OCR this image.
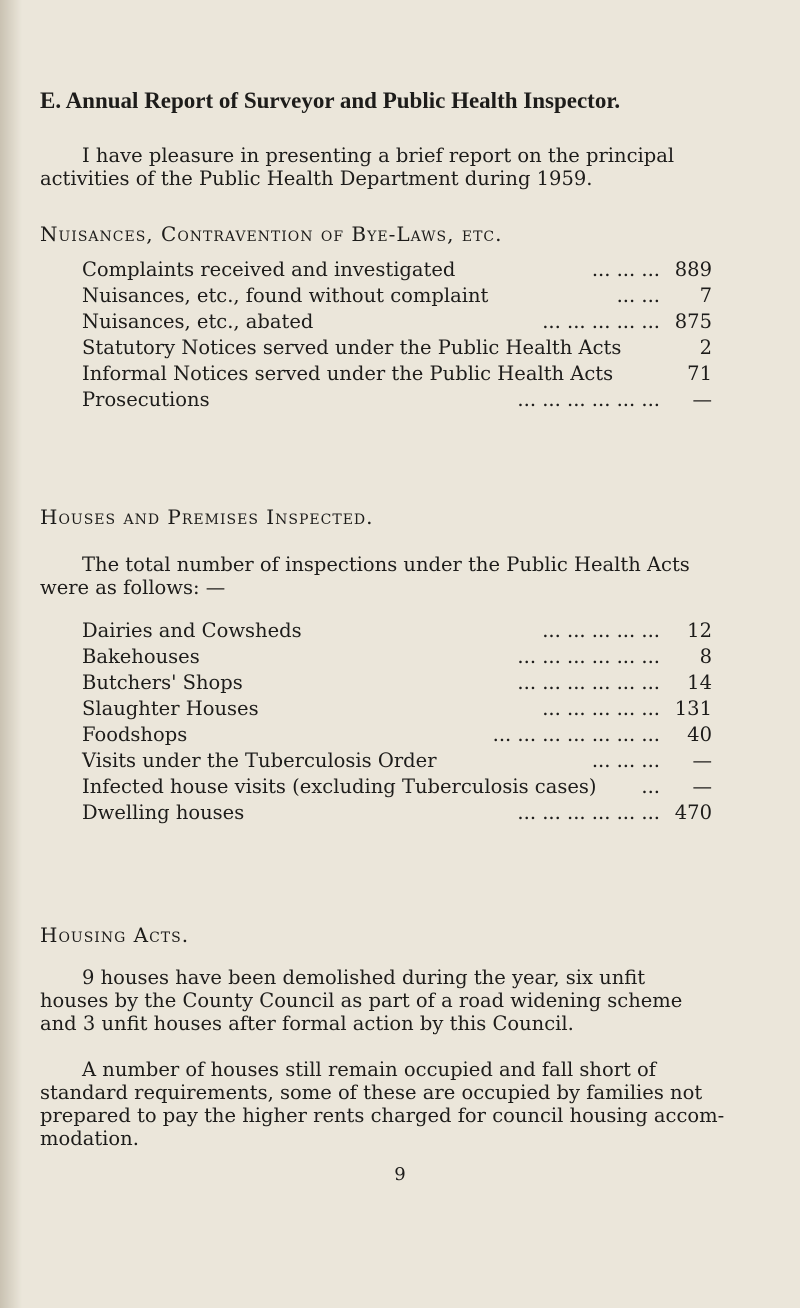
E. Annual Report of Surveyor and Public Health Inspector.
I have pleasure in presenting a brief report on the principal
activities of the Public Health Department during 1959.
Nuisances, Contravention of Bye-Laws, etc.
Complaints received and investigated	... ... ... 889
Nuisances, etc., found without complaint	... ... 7
Nuisances, etc., abated	... ... ... ... ... 875
Statutory Notices served under the Public Health Acts	2
Informal Notices served under the Public Health Acts	71
Prosecutions	... ... ... ... ... ... —
Houses and Premises Inspected.
The total number of inspections under the Public Health Acts
were as follows: —
Dairies and Cowsheds	... ... ... ... ... 12
Bakehouses	... ... ... ... ... ... 8
Butchers' Shops	... ... ... ... ... ... 14
Slaughter Houses	... ... ... ... ... 131
Foodshops	... ... ... ... ... ... ... 40
Visits under the Tuberculosis Order	... ... ... —
Infected house visits (excluding Tuberculosis cases) ... —
Dwelling houses	... ... ... ... ... ... 470
Housing Acts.
9 houses have been demolished during the year, six unfit
houses by the County Council as part of a road widening scheme
and 3 unfit houses after formal action by this Council.
A number of houses still remain occupied and fall short of
standard requirements, some of these are occupied by families not
prepared to pay the higher rents charged for council housing accom-
modation.
9
